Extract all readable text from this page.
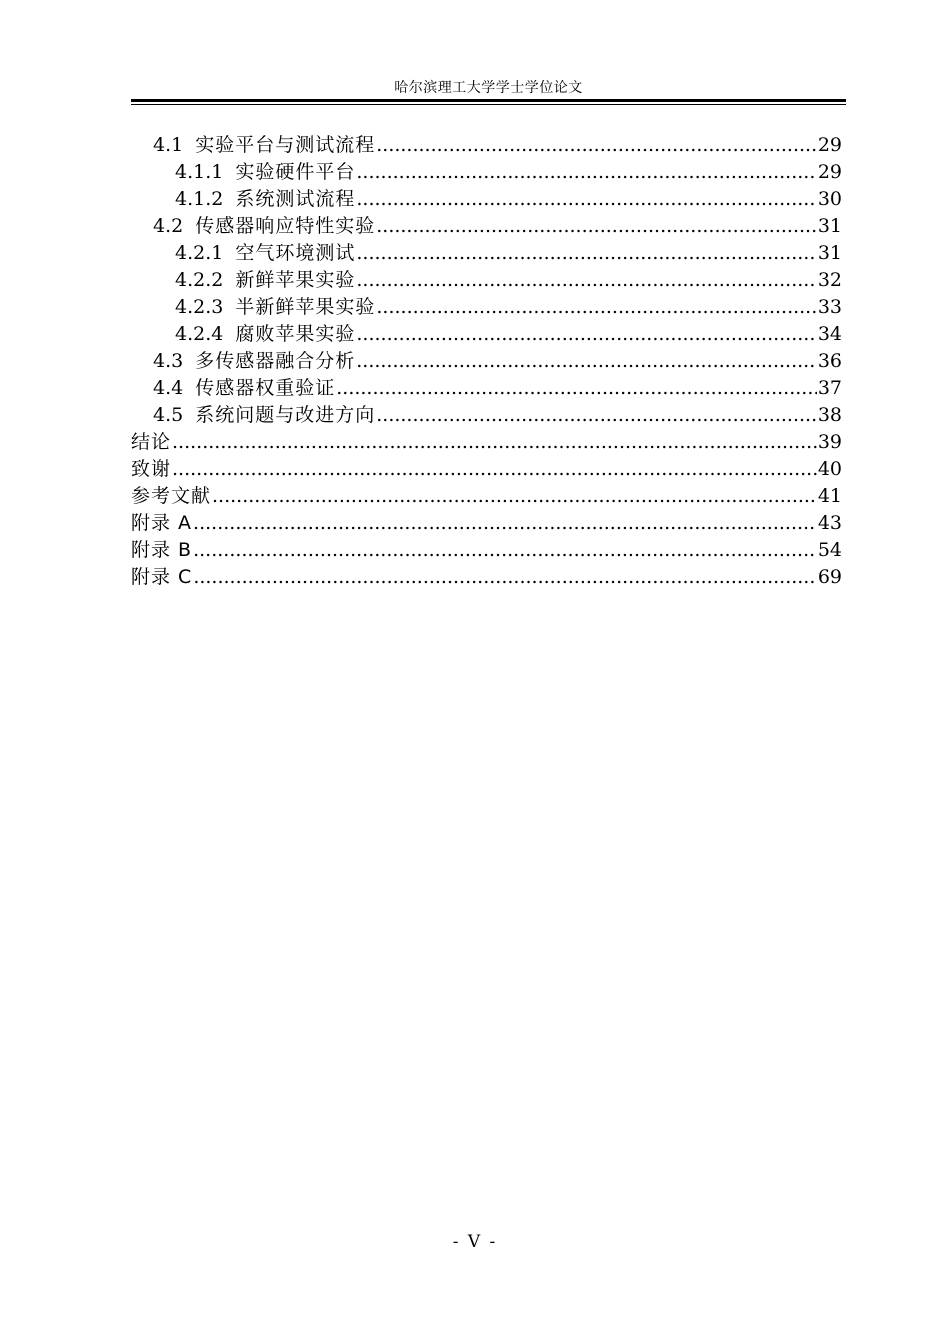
哈尔滨理工大学学士学位论文
4.1 实验平台与测试流程 .....	29
4.1.1 实验硬件平台 .....	29
4.1.2 系统测试流程 .....	30
4.2 传感器响应特性实验 .....	31
4.2.1 空气环境测试 .....	31
4.2.2 新鲜苹果实验 .....	32
4.2.3 半新鲜苹果实验 .....	33
4.2.4 腐败苹果实验 .....	34
4.3 多传感器融合分析 .....	36
4.4 传感器权重验证 .....	37
4.5 系统问题与改进方向 .....	38
结论 .....	39
致谢 .....	40
参考文献 .....	41
附录 A .....	43
附录 B .....	54
附录 C .....	69
- V -
